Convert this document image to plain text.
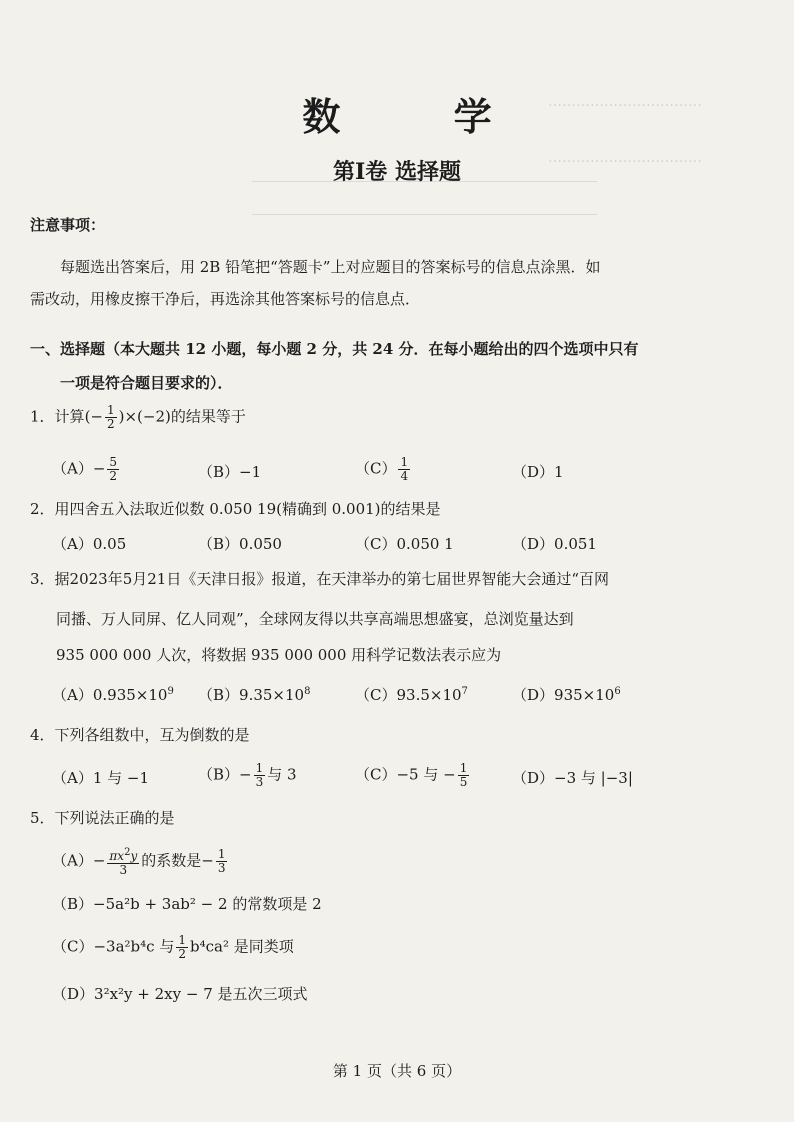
……………………………
……………………………
数 学
第Ⅰ卷 选择题
注意事项：
每题选出答案后，用 2B 铅笔把“答题卡”上对应题目的答案标号的信息点涂黑．如
需改动，用橡皮擦干净后，再选涂其他答案标号的信息点．
一、选择题（本大题共 12 小题，每小题 2 分，共 24 分．在每小题给出的四个选项中只有
一项是符合题目要求的）．
1．计算(− $\frac{1}{2} )\times(-2)$的结果等于
$(A)- \frac{5}{2}$	（B）−1	$(C) \frac{1}{4}$	（D）1
2．用四舍五入法取近似数 0.050 19(精确到 0.001)的结果是
（A）0.05	（B）0.050	（C）0.050 1	（D）0.051
3．据2023年5月21日《天津日报》报道，在天津举办的第七届世界智能大会通过“百网
同播、万人同屏、亿人同观”，全球网友得以共享高端思想盛宴，总浏览量达到
935 000 000 人次，将数据 935 000 000 用科学记数法表示应为
$(A)0.935\times 10^9$ $(B)9.35\times 10^8$	$(C)93.5\times 10^7$	$(D)935\times 10^6$
4．下列各组数中，互为倒数的是
（A）1 与 −1	$(B)- \frac{1}{3}$ 与 3	（C）−5 与 − $\frac{1}{5}$	（D）−3 与 |−3|
5．下列说法正确的是
$(A)- \frac{\pi x^2y}{3}$ 的系数是− $\frac{1}{3}$
（B）−5a²b + 3ab² − 2 的常数项是 2
（C）−3a²b⁴c 与 $\frac{1}{2} b^4ca^2$ 是同类项
（D）3²x²y + 2xy − 7 是五次三项式
第 1 页（共 6 页）
